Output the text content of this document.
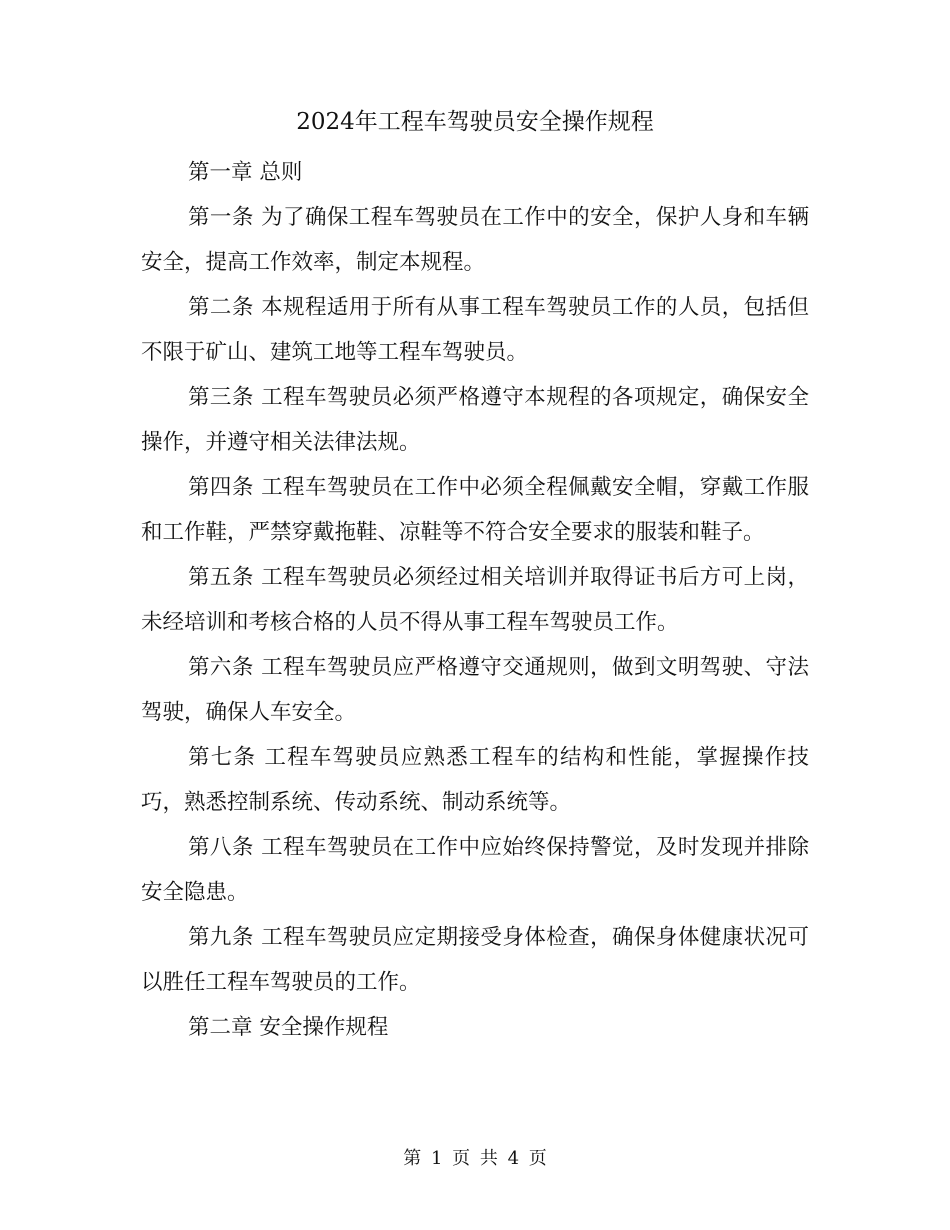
2024年工程车驾驶员安全操作规程

第一章 总则

第一条 为了确保工程车驾驶员在工作中的安全，保护人身和车辆安全，提高工作效率，制定本规程。

第二条 本规程适用于所有从事工程车驾驶员工作的人员，包括但不限于矿山、建筑工地等工程车驾驶员。

第三条 工程车驾驶员必须严格遵守本规程的各项规定，确保安全操作，并遵守相关法律法规。

第四条 工程车驾驶员在工作中必须全程佩戴安全帽，穿戴工作服和工作鞋，严禁穿戴拖鞋、凉鞋等不符合安全要求的服装和鞋子。

第五条 工程车驾驶员必须经过相关培训并取得证书后方可上岗，未经培训和考核合格的人员不得从事工程车驾驶员工作。

第六条 工程车驾驶员应严格遵守交通规则，做到文明驾驶、守法驾驶，确保人车安全。

第七条 工程车驾驶员应熟悉工程车的结构和性能，掌握操作技巧，熟悉控制系统、传动系统、制动系统等。

第八条 工程车驾驶员在工作中应始终保持警觉，及时发现并排除安全隐患。

第九条 工程车驾驶员应定期接受身体检查，确保身体健康状况可以胜任工程车驾驶员的工作。

第二章 安全操作规程

第 1 页 共 4 页
